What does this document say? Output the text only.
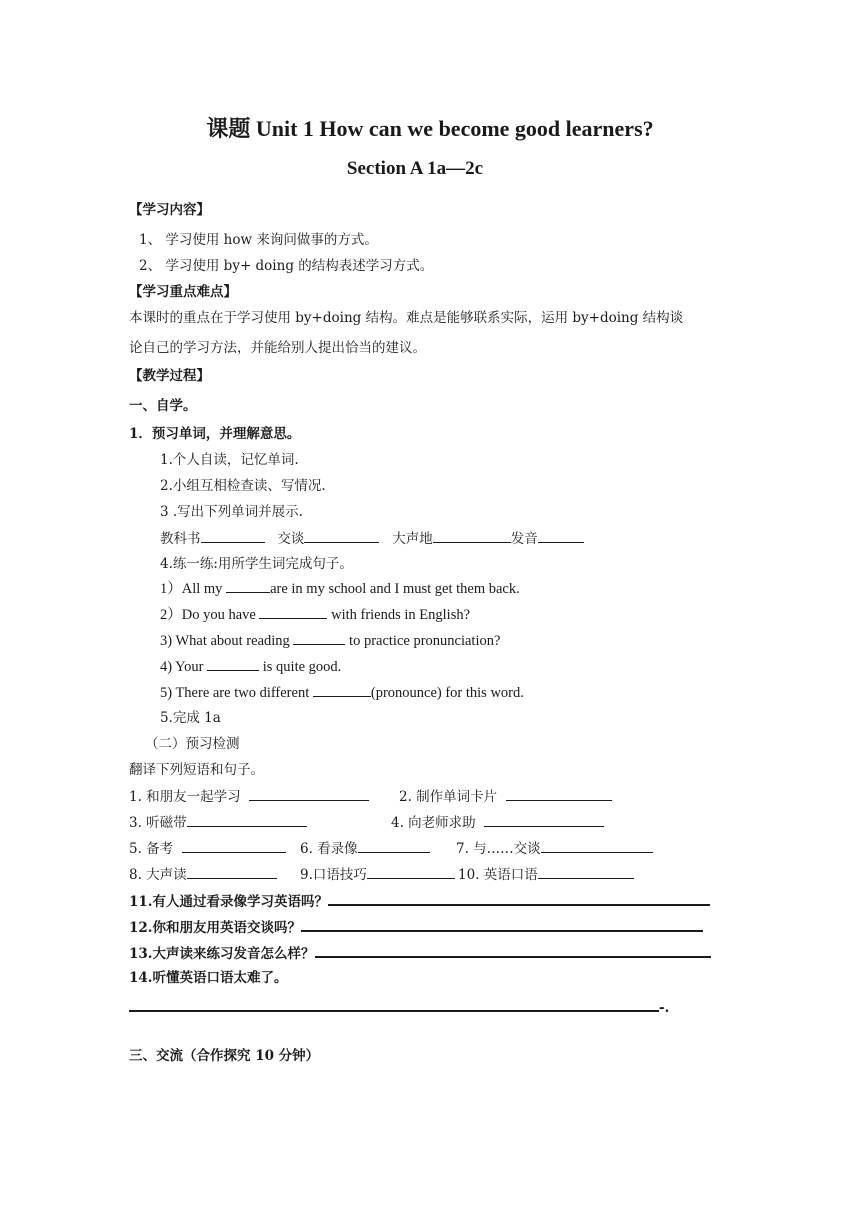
课题 Unit 1 How can we become good learners?
Section A 1a—2c
【学习内容】
1、 学习使用 how 来询问做事的方式。
2、 学习使用 by+ doing 的结构表述学习方式。
【学习重点难点】
本课时的重点在于学习使用 by+doing 结构。难点是能够联系实际，运用 by+doing 结构谈
论自己的学习方法，并能给别人提出恰当的建议。
【教学过程】
一、自学。
1．预习单词，并理解意思。
1.个人自读，记忆单词.
2.小组互相检查读、写情况.
3 .写出下列单词并展示.
教科书	交谈	大声地	发音
4.练一练:用所学生词完成句子。
1）All my	are in my school and I must get them back.
2）Do you have	with friends in English?
3) What about reading	to practice pronunciation?
4) Your	is quite good.
5) There are two different	(pronounce) for this word.
5.完成 1a
（二）预习检测
翻译下列短语和句子。
1. 和朋友一起学习	2. 制作单词卡片
3. 听磁带	4. 向老师求助
5. 备考	6. 看录像	7. 与……交谈
8. 大声读	9.口语技巧	10. 英语口语
11.有人通过看录像学习英语吗？
12.你和朋友用英语交谈吗？
13.大声读来练习发音怎么样？
14.听懂英语口语太难了。
-.
三、交流（合作探究 10 分钟）
